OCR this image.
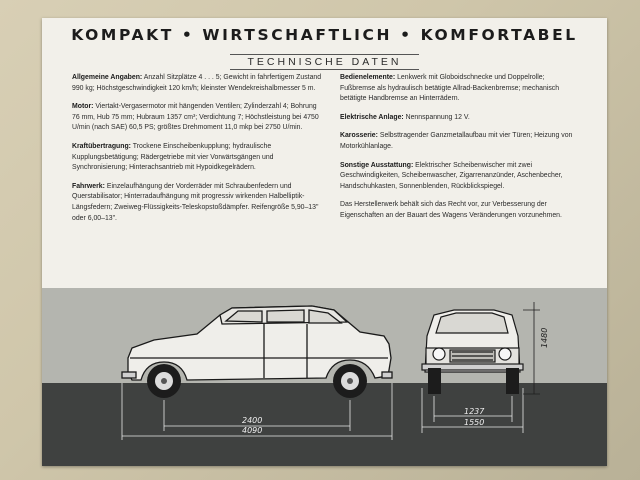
KOMPAKT • WIRTSCHAFTLICH • KOMFORTABEL
TECHNISCHE DATEN

Allgemeine Angaben: Anzahl Sitzplätze 4 . . . 5; Gewicht in fahrfertigem Zustand 990 kg; Höchstgeschwindigkeit 120 km/h; kleinster Wendekreishalbmesser 5 m.

Motor: Viertakt-Vergasermotor mit hängenden Ventilen; Zylinderzahl 4; Bohrung 76 mm, Hub 75 mm; Hubraum 1357 cm³; Verdichtung 7; Höchstleistung bei 4750 U/min (nach SAE) 60,5 PS; größtes Drehmoment 11,0 mkp bei 2750 U/min.

Kraftübertragung: Trockene Einscheibenkupplung; hydraulische Kupplungsbetätigung; Rädergetriebe mit vier Vorwärtsgängen und Synchronisierung; Hinterachsantrieb mit Hypoidkegelrädern.

Fahrwerk: Einzelaufhängung der Vorderräder mit Schraubenfedern und Querstabilisator; Hinterradaufhängung mit progressiv wirkenden Halbelliptik-Längsfedern; Zweiweg-Flüssigkeits-Teleskopstoßdämpfer. Reifengröße 5,90–13" oder 6,00–13".

Bedienelemente: Lenkwerk mit Globoidschnecke und Doppelrolle; Fußbremse als hydraulisch betätigte Allrad-Backenbremse; mechanisch betätigte Handbremse an Hinterrädern.

Elektrische Anlage: Nennspannung 12 V.

Karosserie: Selbsttragender Ganzmetallaufbau mit vier Türen; Heizung von Motorkühlanlage.

Sonstige Ausstattung: Elektrischer Scheibenwischer mit zwei Geschwindigkeiten, Scheibenwascher, Zigarrenanzünder, Aschenbecher, Handschuhkasten, Sonnenblenden, Rückblickspiegel.

Das Herstellerwerk behält sich das Recht vor, zur Verbesserung der Eigenschaften an der Bauart des Wagens Veränderungen vorzunehmen.

2400
4090
1480
1237
1550
